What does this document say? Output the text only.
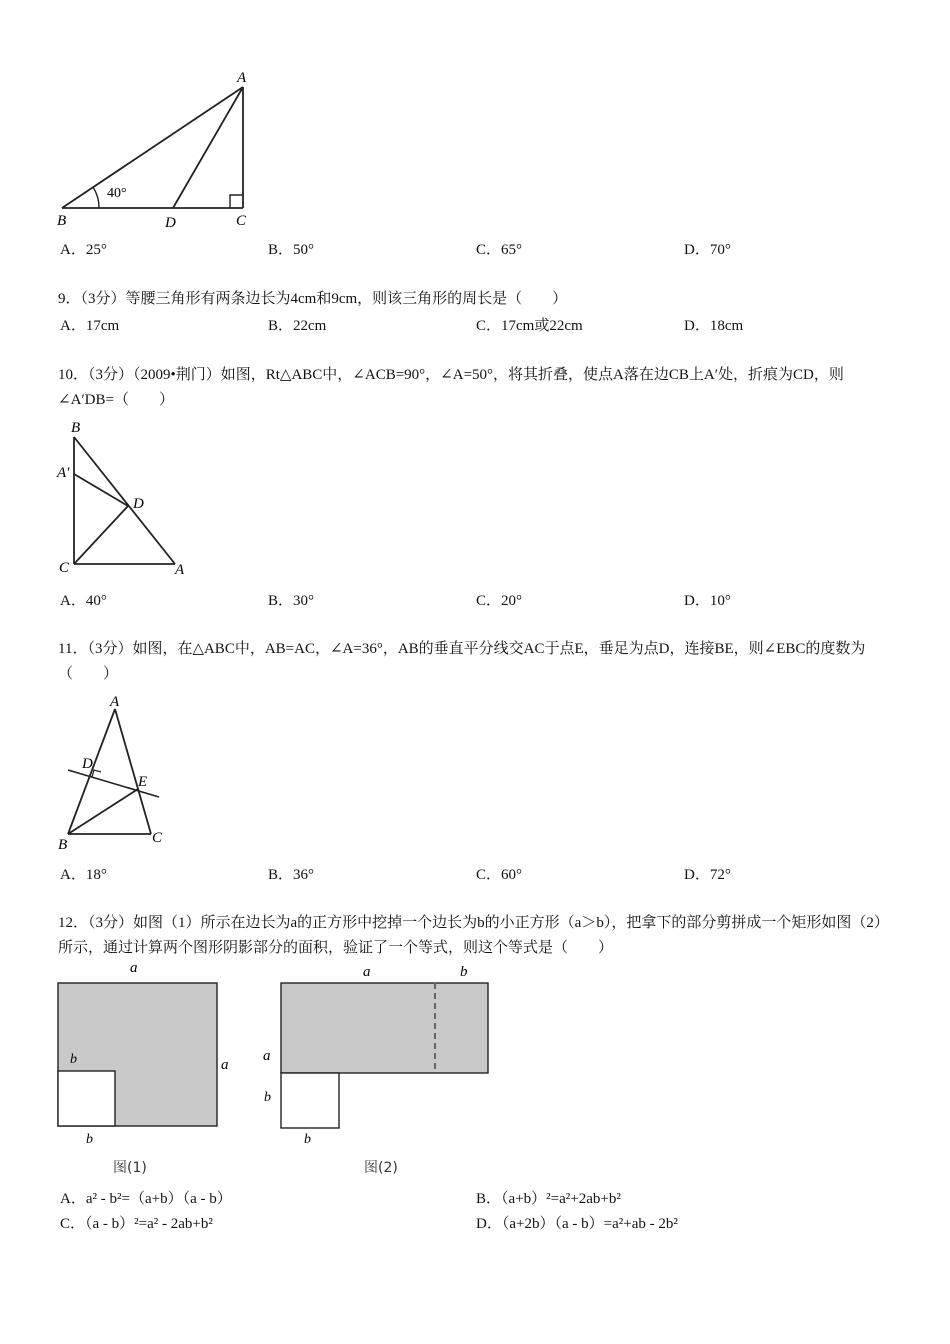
40°
A
B	D	C
A．25°	B．50°	C．65°	D．70°
9．（3分）等腰三角形有两条边长为4cm和9cm，则该三角形的周长是（　　）
A．17cm	B．22cm	C．17cm或22cm	D．18cm
10．（3分）（2009•荆门）如图，Rt△ABC中，∠ACB=90°，∠A=50°，将其折叠，使点A落在边CB上A′处，折痕为CD，则∠A′DB=（　　）
B
A′
D
C	A
A．40°	B．30°	C．20°	D．10°
11．（3分）如图，在△ABC中，AB=AC，∠A=36°，AB的垂直平分线交AC于点E，垂足为点D，连接BE，则∠EBC的度数为（　　）
A
D
E
B	C
A．18°	B．36°	C．60°	D．72°
12．（3分）如图（1）所示在边长为a的正方形中挖掉一个边长为b的小正方形（a＞b），把拿下的部分剪拼成一个矩形如图（2）所示，通过计算两个图形阴影部分的面积，验证了一个等式，则这个等式是（　　）
a
a
b
b
图(1)
a	b
a
b
b
图(2)
A．a² - b²=（a+b）（a - b）	B．（a+b）²=a²+2ab+b²
C．（a - b）²=a² - 2ab+b²	D．（a+2b）（a - b）=a²+ab - 2b²
